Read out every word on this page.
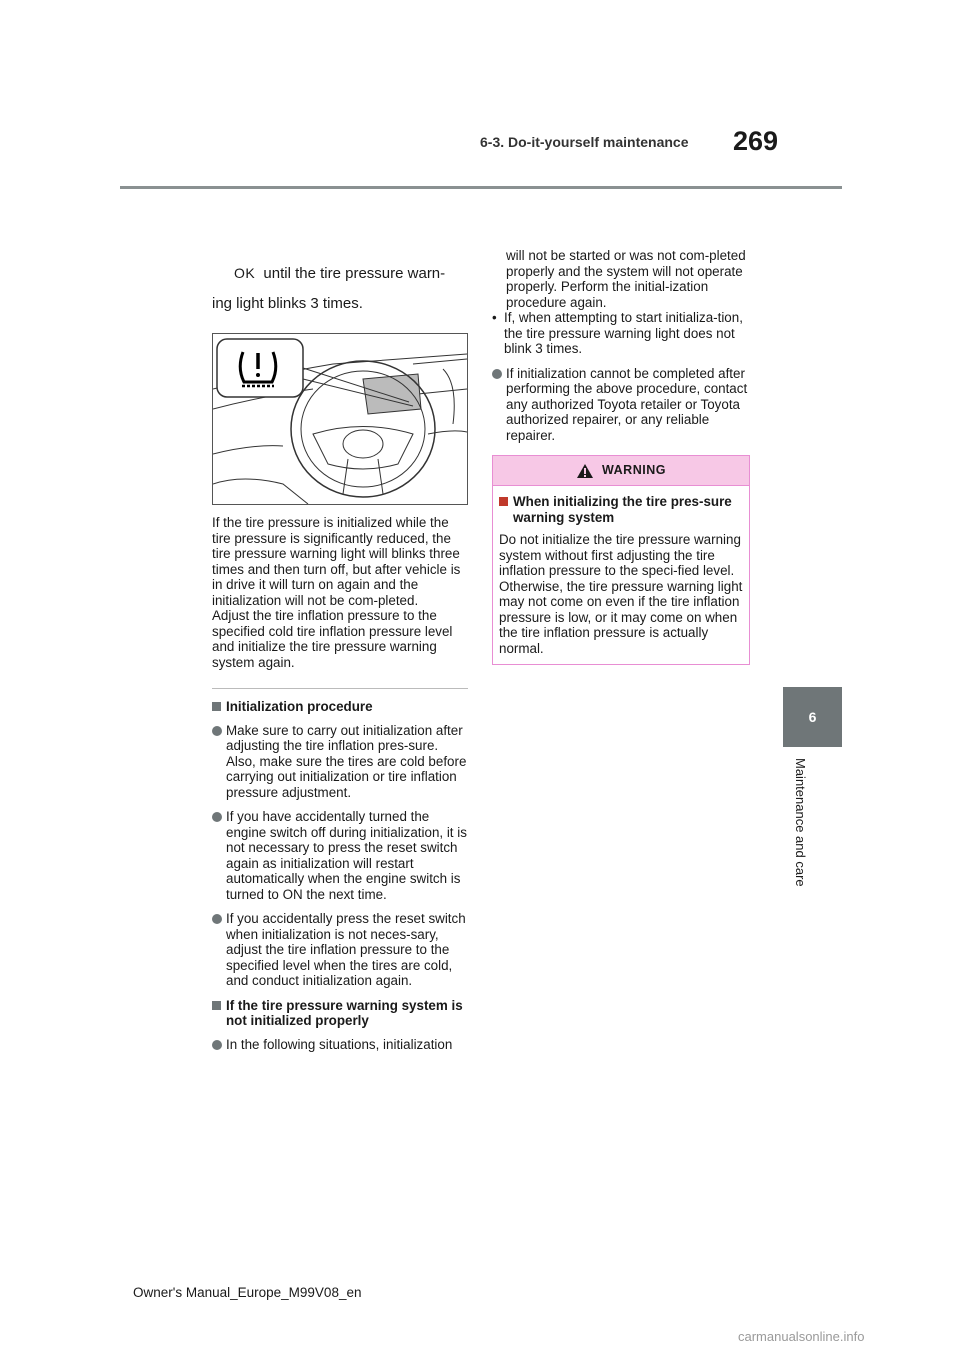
6-3. Do-it-yourself maintenance 269
6
Maintenance and care
OK until the tire pressure warn-
ing light blinks 3 times.
If the tire pressure is initialized while the tire pressure is significantly reduced, the tire pressure warning light will blinks three times and then turn off, but after vehicle is in drive it will turn on again and the initialization will not be com-pleted.
Adjust the tire inflation pressure to the specified cold tire inflation pressure level and initialize the tire pressure warning system again.
Initialization procedure
Make sure to carry out initialization after adjusting the tire inflation pres-sure.
Also, make sure the tires are cold before carrying out initialization or tire inflation pressure adjustment.
If you have accidentally turned the engine switch off during initialization, it is not necessary to press the reset switch again as initialization will restart automatically when the engine switch is turned to ON the next time.
If you accidentally press the reset switch when initialization is not neces-sary, adjust the tire inflation pressure to the specified level when the tires are cold, and conduct initialization again.
If the tire pressure warning system is not initialized properly
In the following situations, initialization
will not be started or was not com-pleted properly and the system will not operate properly. Perform the initial-ization procedure again.
• If, when attempting to start initializa-tion, the tire pressure warning light does not blink 3 times.
If initialization cannot be completed after performing the above procedure, contact any authorized Toyota retailer or Toyota authorized repairer, or any reliable repairer.
WARNING
When initializing the tire pres-sure warning system
Do not initialize the tire pressure warning system without first adjusting the tire inflation pressure to the speci-fied level. Otherwise, the tire pressure warning light may not come on even if the tire inflation pressure is low, or it may come on when the tire inflation pressure is actually normal.
Owner's Manual_Europe_M99V08_en
carmanualsonline.info
